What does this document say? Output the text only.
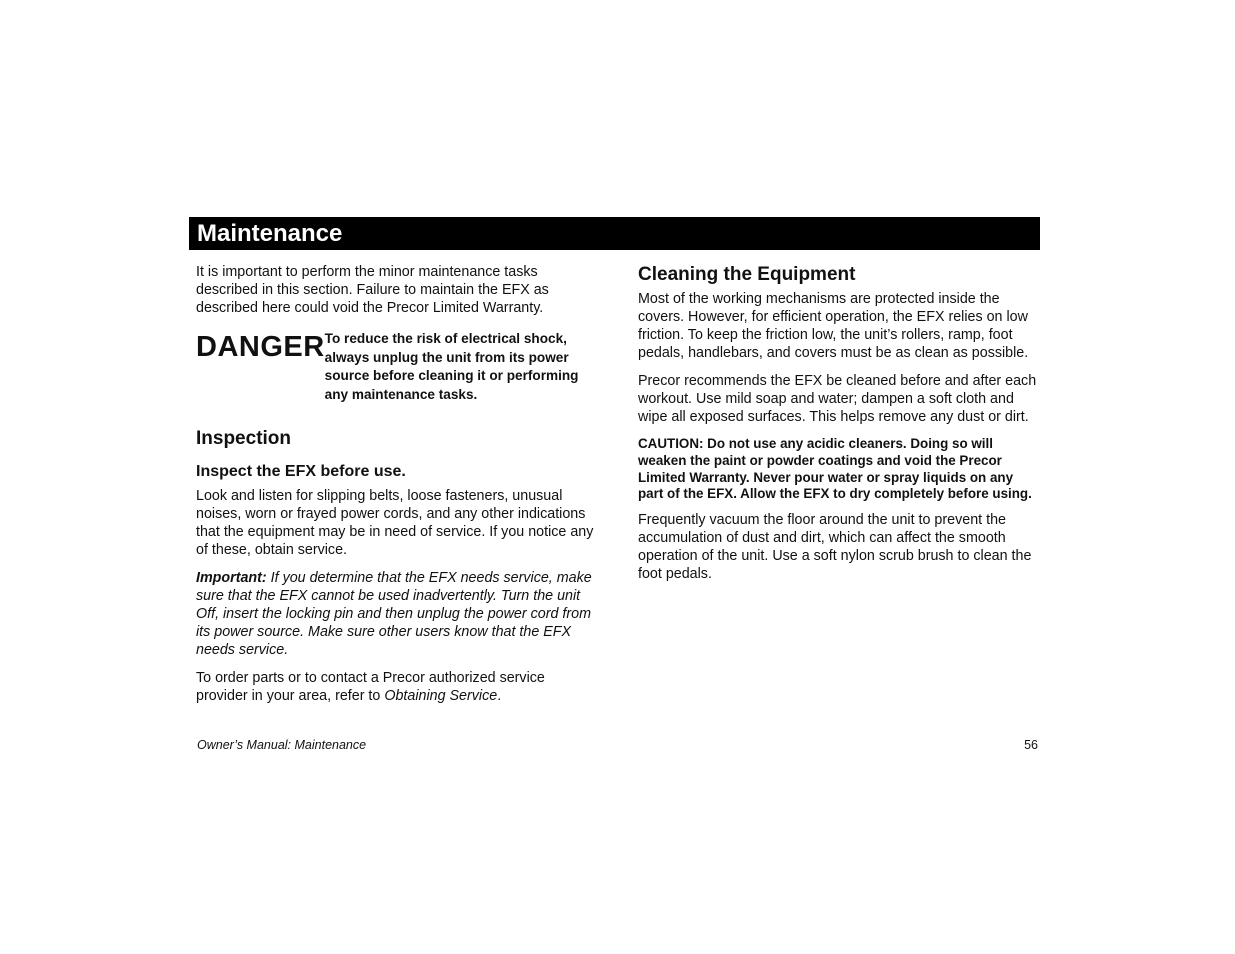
Maintenance

It is important to perform the minor maintenance tasks described in this section. Failure to maintain the EFX as described here could void the Precor Limited Warranty.

DANGER To reduce the risk of electrical shock, always unplug the unit from its power source before cleaning it or performing any maintenance tasks.
Inspection
Inspect the EFX before use.

Look and listen for slipping belts, loose fasteners, unusual noises, worn or frayed power cords, and any other indications that the equipment may be in need of service. If you notice any of these, obtain service.

Important: If you determine that the EFX needs service, make sure that the EFX cannot be used inadvertently. Turn the unit Off, insert the locking pin and then unplug the power cord from its power source. Make sure other users know that the EFX needs service.

To order parts or to contact a Precor authorized service provider in your area, refer to Obtaining Service.

Cleaning the Equipment

Most of the working mechanisms are protected inside the covers. However, for efficient operation, the EFX relies on low friction. To keep the friction low, the unit’s rollers, ramp, foot pedals, handlebars, and covers must be as clean as possible.

Precor recommends the EFX be cleaned before and after each workout. Use mild soap and water; dampen a soft cloth and wipe all exposed surfaces. This helps remove any dust or dirt.

CAUTION: Do not use any acidic cleaners. Doing so will weaken the paint or powder coatings and void the Precor Limited Warranty. Never pour water or spray liquids on any part of the EFX. Allow the EFX to dry completely before using.

Frequently vacuum the floor around the unit to prevent the accumulation of dust and dirt, which can affect the smooth operation of the unit. Use a soft nylon scrub brush to clean the foot pedals.

Owner’s Manual: Maintenance	56
